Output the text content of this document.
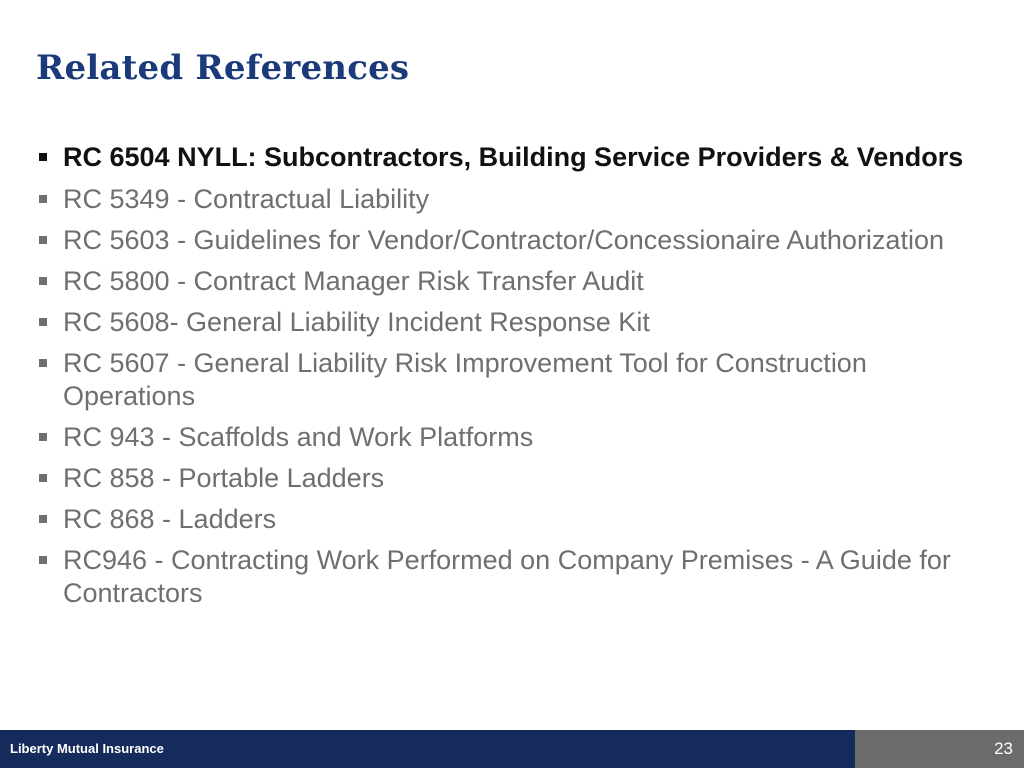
Related References
RC 6504 NYLL: Subcontractors, Building Service Providers & Vendors
RC 5349 - Contractual Liability
RC 5603 - Guidelines for Vendor/Contractor/Concessionaire Authorization
RC 5800 - Contract Manager Risk Transfer Audit
RC 5608- General Liability Incident Response Kit
RC 5607 - General Liability Risk Improvement Tool for Construction Operations
RC 943 - Scaffolds and Work Platforms
RC 858 - Portable Ladders
RC 868 - Ladders
RC946 - Contracting Work Performed on Company Premises - A Guide for Contractors
Liberty Mutual Insurance	23
